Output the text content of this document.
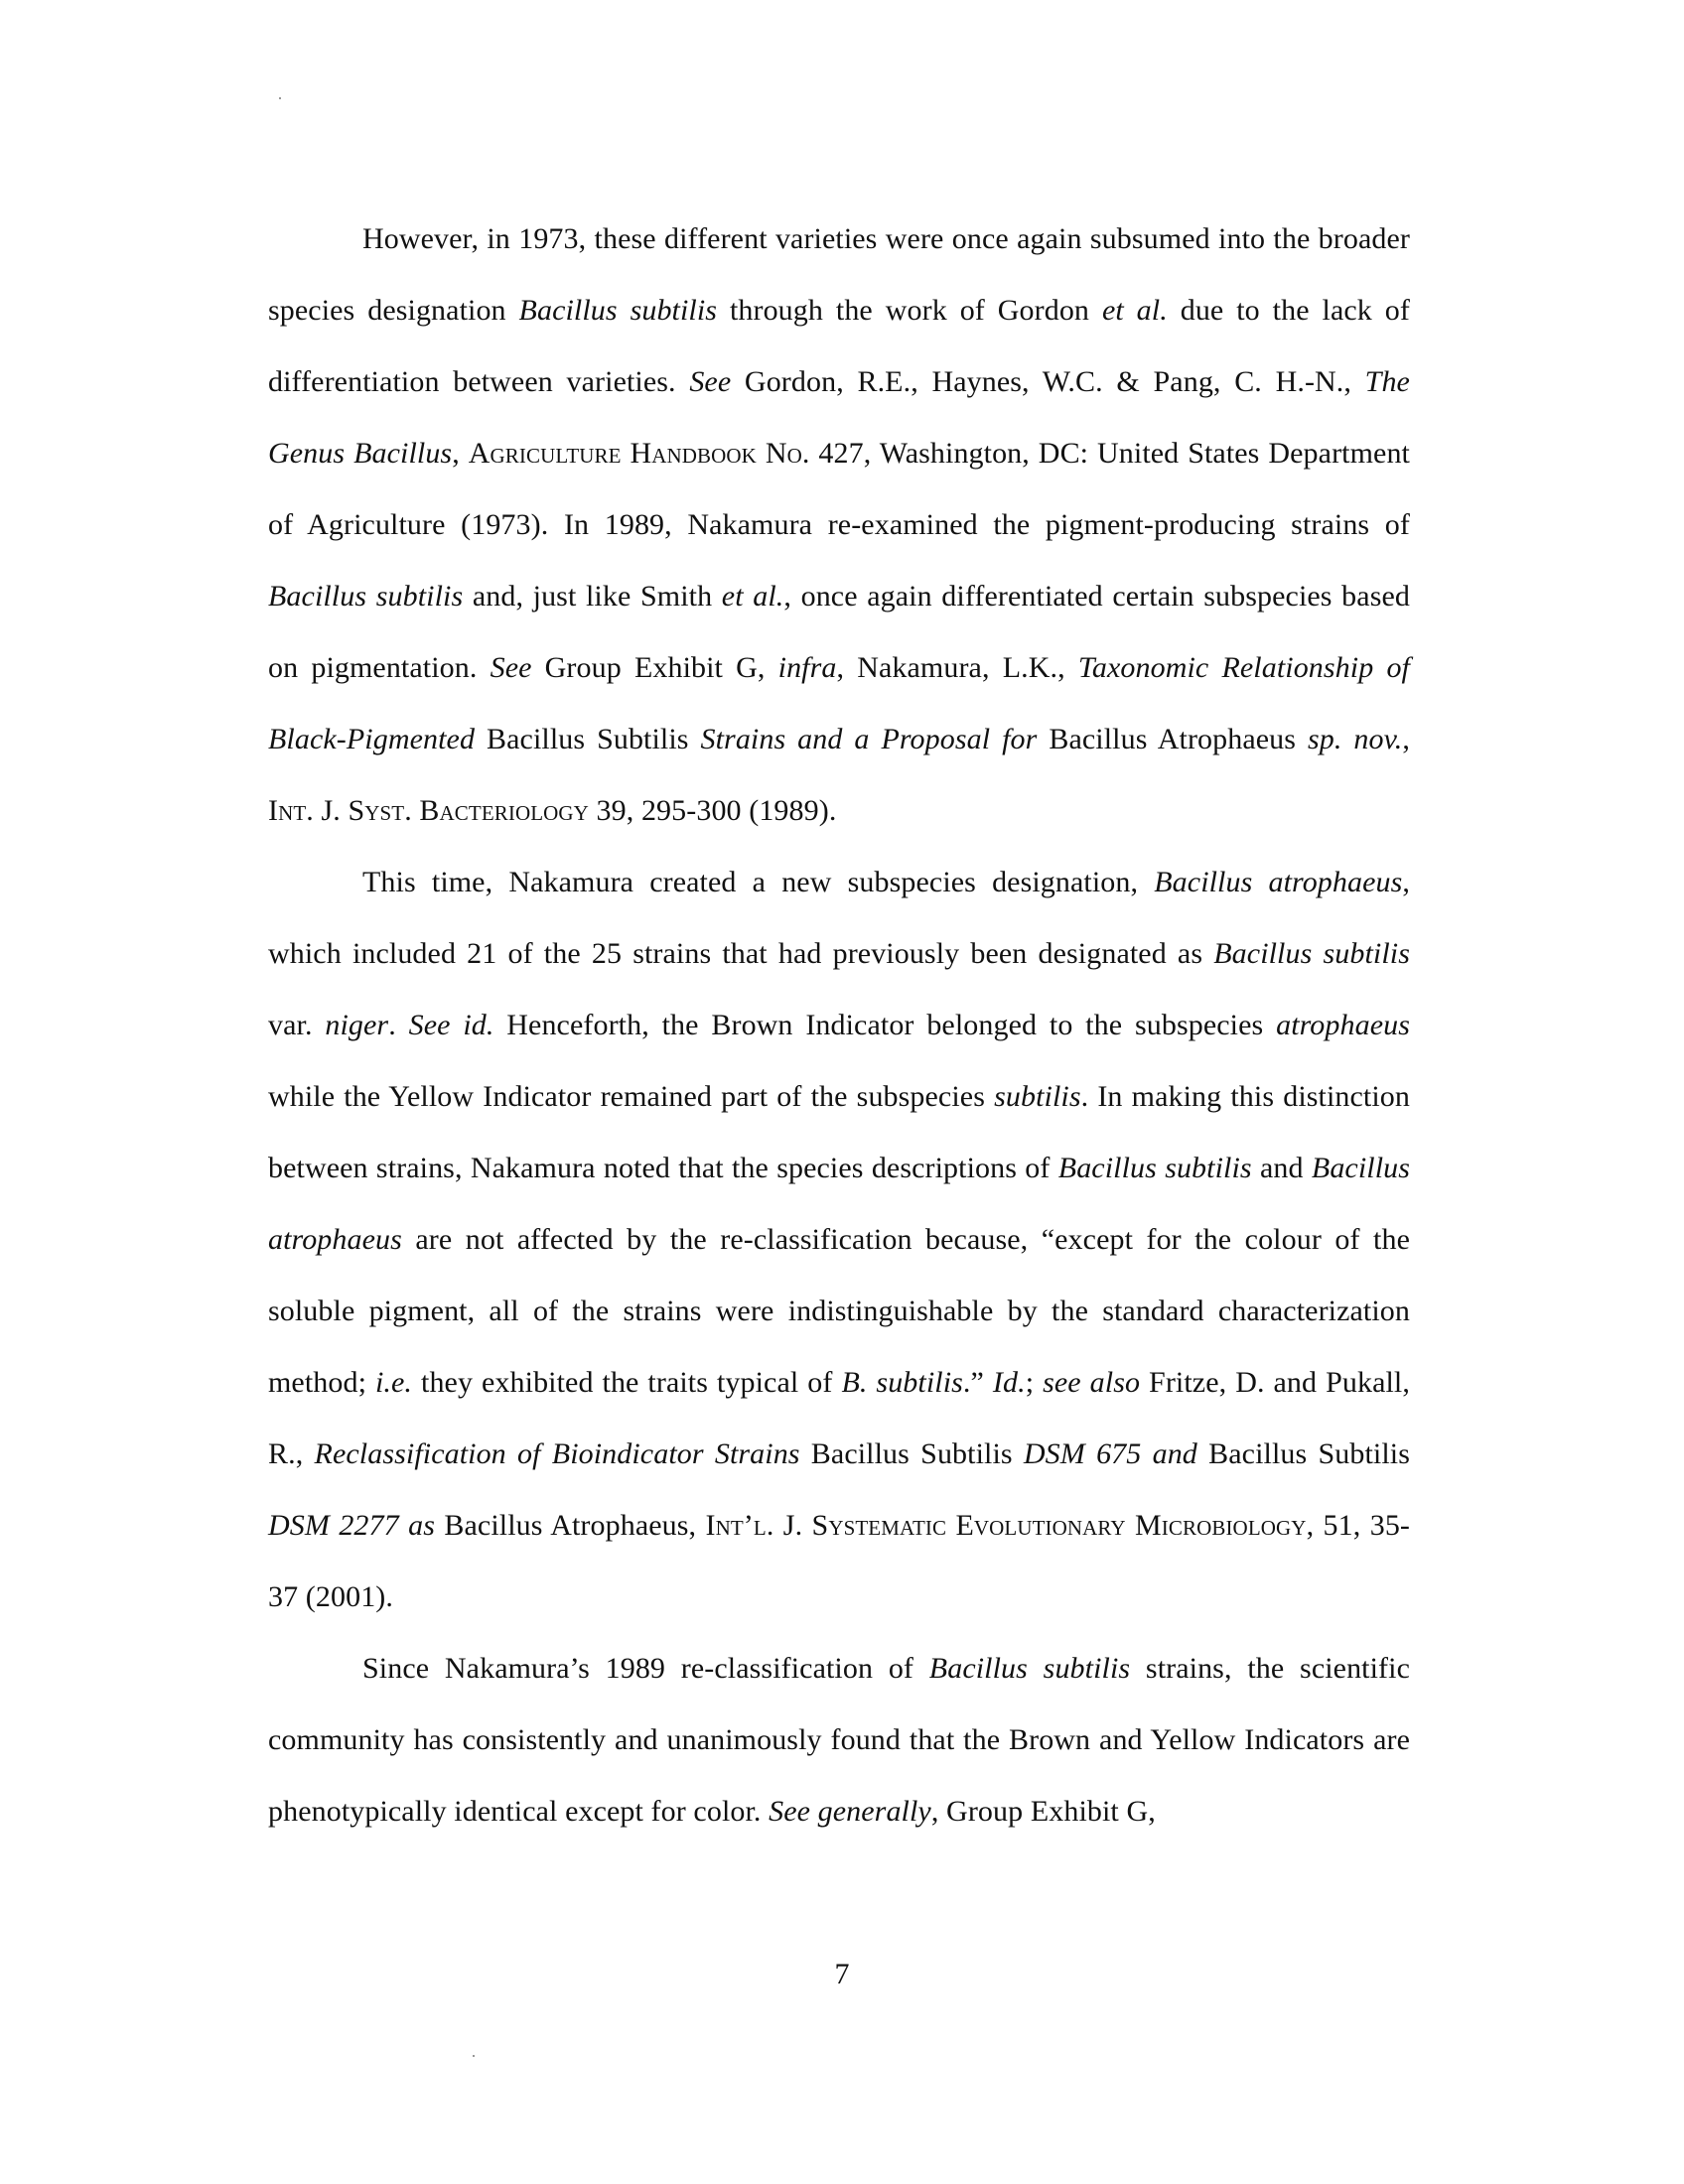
However, in 1973, these different varieties were once again subsumed into the broader species designation Bacillus subtilis through the work of Gordon et al. due to the lack of differentiation between varieties. See Gordon, R.E., Haynes, W.C. & Pang, C. H.-N., The Genus Bacillus, Agriculture Handbook No. 427, Washington, DC: United States Department of Agriculture (1973). In 1989, Nakamura re-examined the pigment-producing strains of Bacillus subtilis and, just like Smith et al., once again differentiated certain subspecies based on pigmentation. See Group Exhibit G, infra, Nakamura, L.K., Taxonomic Relationship of Black-Pigmented Bacillus Subtilis Strains and a Proposal for Bacillus Atrophaeus sp. nov., Int. J. Syst. Bacteriology 39, 295-300 (1989).

This time, Nakamura created a new subspecies designation, Bacillus atrophaeus, which included 21 of the 25 strains that had previously been designated as Bacillus subtilis var. niger. See id. Henceforth, the Brown Indicator belonged to the subspecies atrophaeus while the Yellow Indicator remained part of the subspecies subtilis. In making this distinction between strains, Nakamura noted that the species descriptions of Bacillus subtilis and Bacillus atrophaeus are not affected by the re-classification because, “except for the colour of the soluble pigment, all of the strains were indistinguishable by the standard characterization method; i.e. they exhibited the traits typical of B. subtilis.” Id.; see also Fritze, D. and Pukall, R., Reclassification of Bioindicator Strains Bacillus Subtilis DSM 675 and Bacillus Subtilis DSM 2277 as Bacillus Atrophaeus, Int’l. J. Systematic Evolutionary Microbiology, 51, 35-37 (2001).

Since Nakamura’s 1989 re-classification of Bacillus subtilis strains, the scientific community has consistently and unanimously found that the Brown and Yellow Indicators are phenotypically identical except for color. See generally, Group Exhibit G,

7
